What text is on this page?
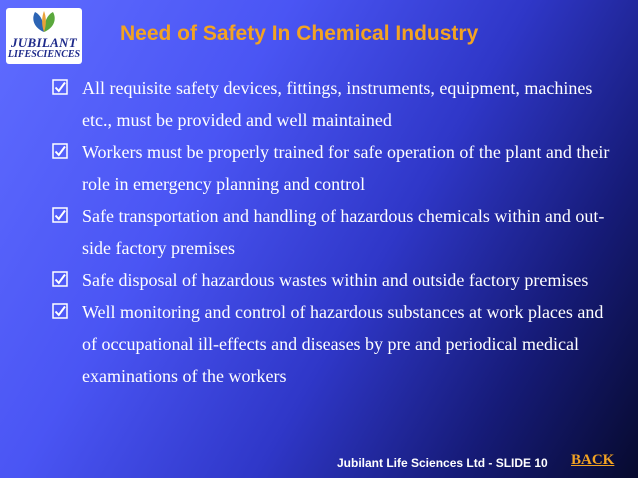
JUBILANT
LIFESCIENCES
Need of Safety In Chemical Industry
All requisite safety devices, fittings, instruments, equipment, machines etc., must be provided and well maintained
Workers must be properly trained for safe operation of the plant and their role in emergency planning and control
Safe transportation and handling of hazardous chemicals within and out-side factory premises
Safe disposal of hazardous wastes within and outside factory premises
Well monitoring and control of hazardous substances at work places and of occupational ill-effects and diseases by pre and periodical medical examinations of the workers
Jubilant Life Sciences Ltd - SLIDE 10 BACK
